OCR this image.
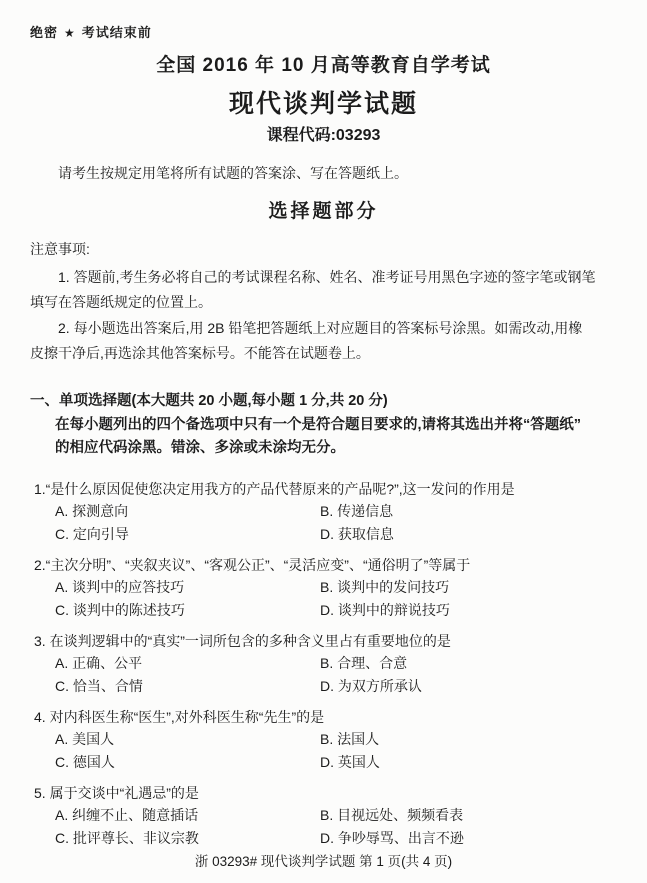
绝密 ★ 考试结束前
全国 2016 年 10 月高等教育自学考试
现代谈判学试题
课程代码:03293
请考生按规定用笔将所有试题的答案涂、写在答题纸上。
选择题部分
注意事项:

1. 答题前,考生务必将自己的考试课程名称、姓名、准考证号用黑色字迹的签字笔或钢笔

填写在答题纸规定的位置上。

2. 每小题选出答案后,用 2B 铅笔把答题纸上对应题目的答案标号涂黑。如需改动,用橡

皮擦干净后,再选涂其他答案标号。不能答在试题卷上。

一、单项选择题(本大题共 20 小题,每小题 1 分,共 20 分)
在每小题列出的四个备选项中只有一个是符合题目要求的,请将其选出并将“答题纸”
的相应代码涂黑。错涂、多涂或未涂均无分。
1.“是什么原因促使您决定用我方的产品代替原来的产品呢?”,这一发问的作用是
A. 探测意向	B. 传递信息
C. 定向引导	D. 获取信息
2.“主次分明”、“夹叙夹议”、“客观公正”、“灵活应变”、“通俗明了”等属于
A. 谈判中的应答技巧	B. 谈判中的发问技巧
C. 谈判中的陈述技巧	D. 谈判中的辩说技巧
3. 在谈判逻辑中的“真实”一词所包含的多种含义里占有重要地位的是
A. 正确、公平	B. 合理、合意
C. 恰当、合情	D. 为双方所承认
4. 对内科医生称“医生”,对外科医生称“先生”的是
A. 美国人	B. 法国人
C. 德国人	D. 英国人
5. 属于交谈中“礼遇忌”的是
A. 纠缠不止、随意插话	B. 目视远处、频频看表
C. 批评尊长、非议宗教	D. 争吵辱骂、出言不逊
浙 03293# 现代谈判学试题 第 1 页(共 4 页)
